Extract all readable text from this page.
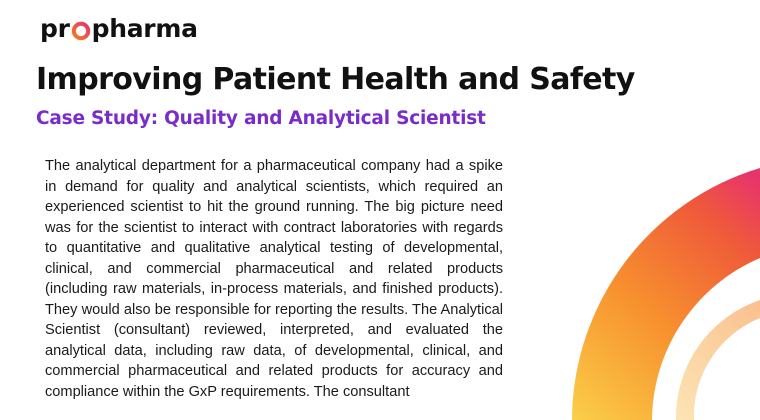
pr pharma
Improving Patient Health and Safety
Case Study: Quality and Analytical Scientist

The analytical department for a pharmaceutical company had a spike in demand for quality and analytical scientists, which required an experienced scientist to hit the ground running. The big picture need was for the scientist to interact with contract laboratories with regards to quantitative and qualitative analytical testing of developmental, clinical, and commercial pharmaceutical and related products (including raw materials, in-process materials, and finished products). They would also be responsible for reporting the results. The Analytical Scientist (consultant) reviewed, interpreted, and evaluated the analytical data, including raw data, of developmental, clinical, and commercial pharmaceutical and related products for accuracy and compliance within the GxP requirements. The consultant
